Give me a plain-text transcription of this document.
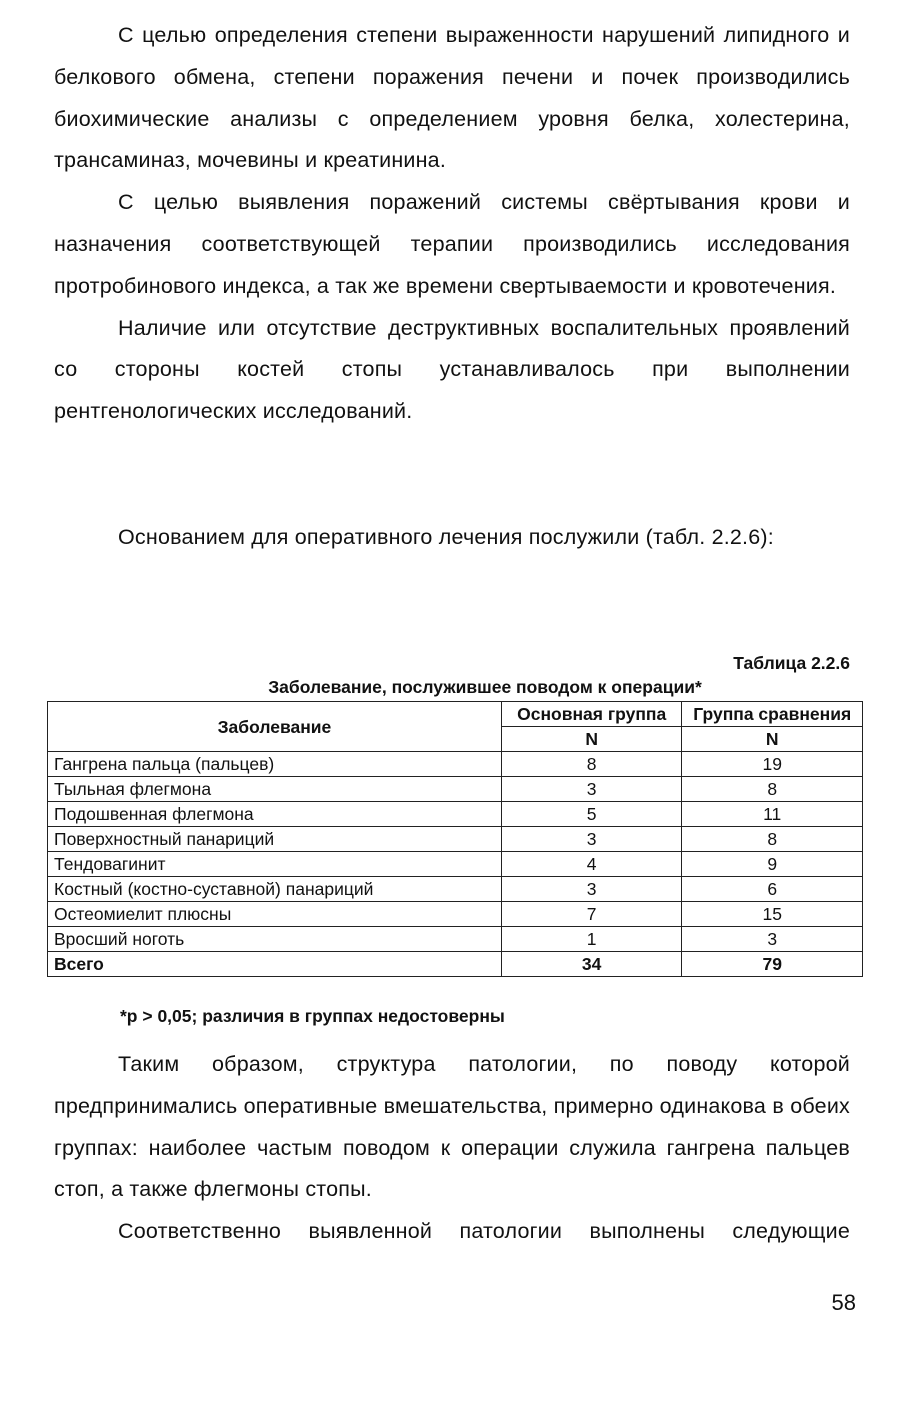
С целью определения степени выраженности нарушений липидного и белкового обмена, степени поражения печени и почек производились биохимические анализы с определением уровня белка, холестерина, трансаминаз, мочевины и креатинина.

С целью выявления поражений системы свёртывания крови и назначения соответствующей терапии производились исследования протробинового индекса, а так же времени свертываемости и кровотечения.

Наличие или отсутствие деструктивных воспалительных проявлений со стороны костей стопы устанавливалось при выполнении рентгенологических исследований.

Основанием для оперативного лечения послужили (табл. 2.2.6):

Таблица 2.2.6
Заболевание, послужившее поводом к операции*
Заболевание	Основная группа	Группа сравнения
	N	N
Гангрена пальца (пальцев)	8	19
Тыльная флегмона	3	8
Подошвенная флегмона	5	11
Поверхностный панариций	3	8
Тендовагинит	4	9
Костный (костно-суставной) панариций	3	6
Остеомиелит плюсны	7	15
Вросший ноготь	1	3
Всего	34	79
*p > 0,05; различия в группах недостоверны

Таким образом, структура патологии, по поводу которой предпринимались оперативные вмешательства, примерно одинакова в обеих группах: наиболее частым поводом к операции служила гангрена пальцев стоп, а также флегмоны стопы.

Соответственно выявленной патологии выполнены следующие

58
